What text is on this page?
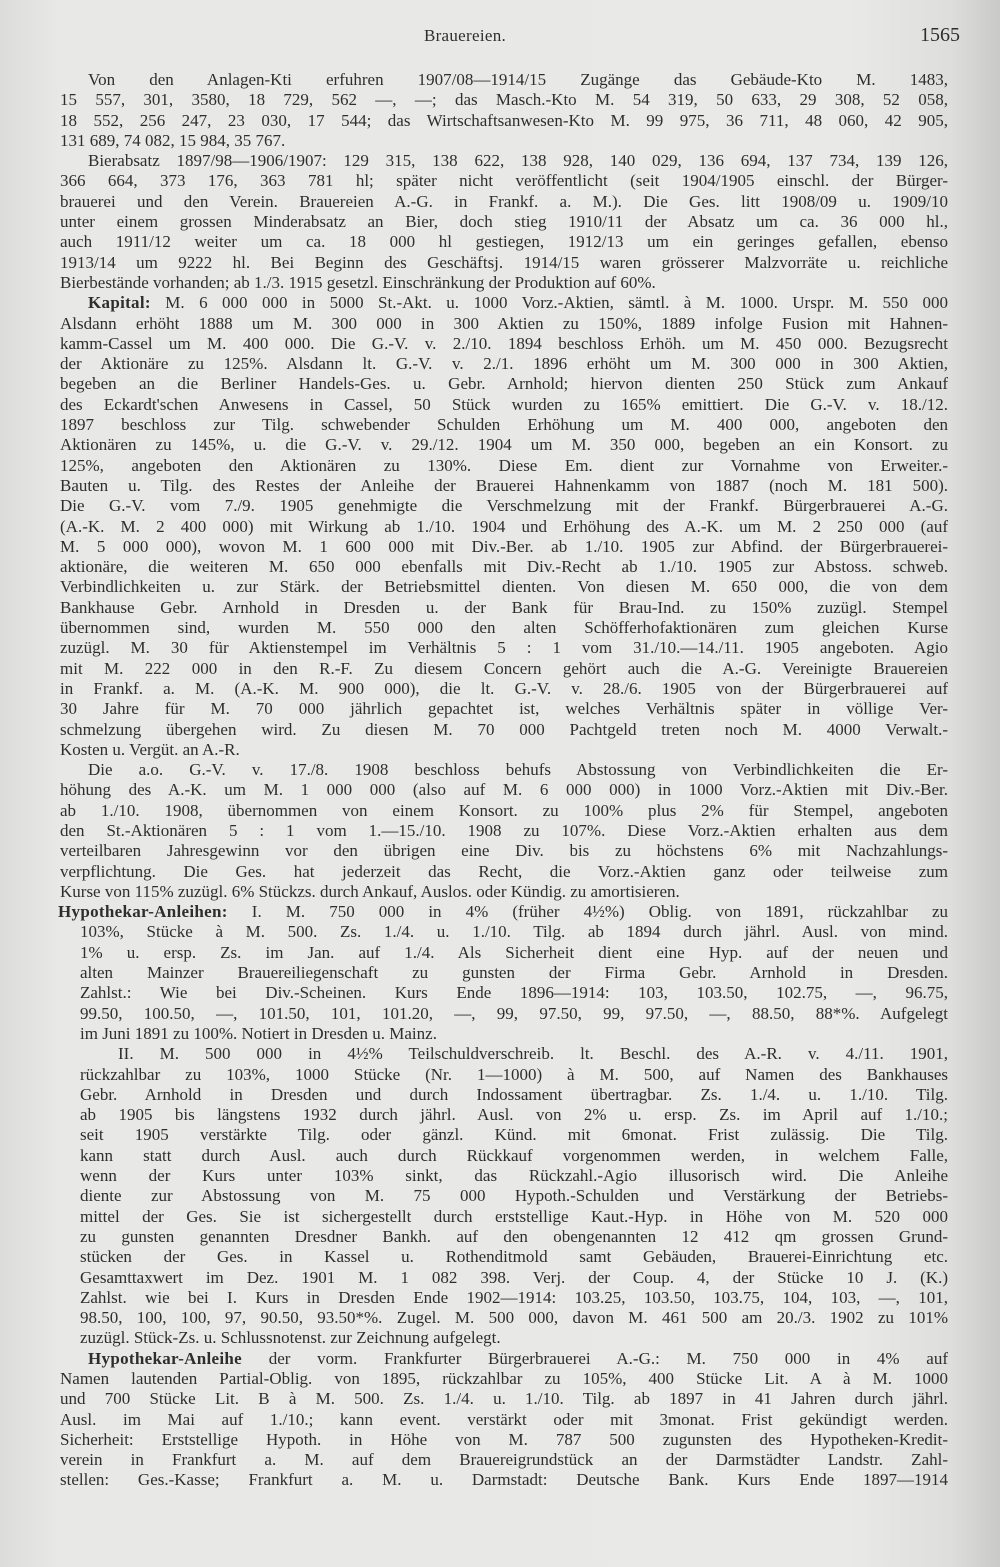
Brauereien.	1565
Von den Anlagen-Kti erfuhren 1907/08—1914/15 Zugänge das Gebäude-Kto M. 1483,
15 557, 301, 3580, 18 729, 562 —, —; das Masch.-Kto M. 54 319, 50 633, 29 308, 52 058,
18 552, 256 247, 23 030, 17 544; das Wirtschaftsanwesen-Kto M. 99 975, 36 711, 48 060, 42 905,
131 689, 74 082, 15 984, 35 767.
Bierabsatz 1897/98—1906/1907: 129 315, 138 622, 138 928, 140 029, 136 694, 137 734, 139 126,
366 664, 373 176, 363 781 hl; später nicht veröffentlicht (seit 1904/1905 einschl. der Bürger-
brauerei und den Verein. Brauereien A.-G. in Frankf. a. M.). Die Ges. litt 1908/09 u. 1909/10
unter einem grossen Minderabsatz an Bier, doch stieg 1910/11 der Absatz um ca. 36 000 hl.,
auch 1911/12 weiter um ca. 18 000 hl gestiegen, 1912/13 um ein geringes gefallen, ebenso
1913/14 um 9222 hl. Bei Beginn des Geschäftsj. 1914/15 waren grösserer Malzvorräte u. reichliche
Bierbestände vorhanden; ab 1./3. 1915 gesetzl. Einschränkung der Produktion auf 60%.
Kapital: M. 6 000 000 in 5000 St.-Akt. u. 1000 Vorz.-Aktien, sämtl. à M. 1000. Urspr. M. 550 000
Alsdann erhöht 1888 um M. 300 000 in 300 Aktien zu 150%, 1889 infolge Fusion mit Hahnen-
kamm-Cassel um M. 400 000. Die G.-V. v. 2./10. 1894 beschloss Erhöh. um M. 450 000. Bezugsrecht
der Aktionäre zu 125%. Alsdann lt. G.-V. v. 2./1. 1896 erhöht um M. 300 000 in 300 Aktien,
begeben an die Berliner Handels-Ges. u. Gebr. Arnhold; hiervon dienten 250 Stück zum Ankauf
des Eckardt'schen Anwesens in Cassel, 50 Stück wurden zu 165% emittiert. Die G.-V. v. 18./12.
1897 beschloss zur Tilg. schwebender Schulden Erhöhung um M. 400 000, angeboten den
Aktionären zu 145%, u. die G.-V. v. 29./12. 1904 um M. 350 000, begeben an ein Konsort. zu
125%, angeboten den Aktionären zu 130%. Diese Em. dient zur Vornahme von Erweiter.-
Bauten u. Tilg. des Restes der Anleihe der Brauerei Hahnenkamm von 1887 (noch M. 181 500).
Die G.-V. vom 7./9. 1905 genehmigte die Verschmelzung mit der Frankf. Bürgerbrauerei A.-G.
(A.-K. M. 2 400 000) mit Wirkung ab 1./10. 1904 und Erhöhung des A.-K. um M. 2 250 000 (auf
M. 5 000 000), wovon M. 1 600 000 mit Div.-Ber. ab 1./10. 1905 zur Abfind. der Bürgerbrauerei-
aktionäre, die weiteren M. 650 000 ebenfalls mit Div.-Recht ab 1./10. 1905 zur Abstoss. schweb.
Verbindlichkeiten u. zur Stärk. der Betriebsmittel dienten. Von diesen M. 650 000, die von dem
Bankhause Gebr. Arnhold in Dresden u. der Bank für Brau-Ind. zu 150% zuzügl. Stempel
übernommen sind, wurden M. 550 000 den alten Schöfferhofaktionären zum gleichen Kurse
zuzügl. M. 30 für Aktienstempel im Verhältnis 5 : 1 vom 31./10.—14./11. 1905 angeboten. Agio
mit M. 222 000 in den R.-F. Zu diesem Concern gehört auch die A.-G. Vereinigte Brauereien
in Frankf. a. M. (A.-K. M. 900 000), die lt. G.-V. v. 28./6. 1905 von der Bürgerbrauerei auf
30 Jahre für M. 70 000 jährlich gepachtet ist, welches Verhältnis später in völlige Ver-
schmelzung übergehen wird. Zu diesen M. 70 000 Pachtgeld treten noch M. 4000 Verwalt.-
Kosten u. Vergüt. an A.-R.
Die a.o. G.-V. v. 17./8. 1908 beschloss behufs Abstossung von Verbindlichkeiten die Er-
höhung des A.-K. um M. 1 000 000 (also auf M. 6 000 000) in 1000 Vorz.-Aktien mit Div.-Ber.
ab 1./10. 1908, übernommen von einem Konsort. zu 100% plus 2% für Stempel, angeboten
den St.-Aktionären 5 : 1 vom 1.—15./10. 1908 zu 107%. Diese Vorz.-Aktien erhalten aus dem
verteilbaren Jahresgewinn vor den übrigen eine Div. bis zu höchstens 6% mit Nachzahlungs-
verpflichtung. Die Ges. hat jederzeit das Recht, die Vorz.-Aktien ganz oder teilweise zum
Kurse von 115% zuzügl. 6% Stückzs. durch Ankauf, Auslos. oder Kündig. zu amortisieren.
Hypothekar-Anleihen: I. M. 750 000 in 4% (früher 4½%) Oblig. von 1891, rückzahlbar zu
103%, Stücke à M. 500. Zs. 1./4. u. 1./10. Tilg. ab 1894 durch jährl. Ausl. von mind.
1% u. ersp. Zs. im Jan. auf 1./4. Als Sicherheit dient eine Hyp. auf der neuen und
alten Mainzer Brauereiliegenschaft zu gunsten der Firma Gebr. Arnhold in Dresden.
Zahlst.: Wie bei Div.-Scheinen. Kurs Ende 1896—1914: 103, 103.50, 102.75, —, 96.75,
99.50, 100.50, —, 101.50, 101, 101.20, —, 99, 97.50, 99, 97.50, —, 88.50, 88*%. Aufgelegt
im Juni 1891 zu 100%. Notiert in Dresden u. Mainz.
II. M. 500 000 in 4½% Teilschuldverschreib. lt. Beschl. des A.-R. v. 4./11. 1901,
rückzahlbar zu 103%, 1000 Stücke (Nr. 1—1000) à M. 500, auf Namen des Bankhauses
Gebr. Arnhold in Dresden und durch Indossament übertragbar. Zs. 1./4. u. 1./10. Tilg.
ab 1905 bis längstens 1932 durch jährl. Ausl. von 2% u. ersp. Zs. im April auf 1./10.;
seit 1905 verstärkte Tilg. oder gänzl. Künd. mit 6monat. Frist zulässig. Die Tilg.
kann statt durch Ausl. auch durch Rückkauf vorgenommen werden, in welchem Falle,
wenn der Kurs unter 103% sinkt, das Rückzahl.-Agio illusorisch wird. Die Anleihe
diente zur Abstossung von M. 75 000 Hypoth.-Schulden und Verstärkung der Betriebs-
mittel der Ges. Sie ist sichergestellt durch erststellige Kaut.-Hyp. in Höhe von M. 520 000
zu gunsten genannten Dresdner Bankh. auf den obengenannten 12 412 qm grossen Grund-
stücken der Ges. in Kassel u. Rothenditmold samt Gebäuden, Brauerei-Einrichtung etc.
Gesamttaxwert im Dez. 1901 M. 1 082 398. Verj. der Coup. 4, der Stücke 10 J. (K.)
Zahlst. wie bei I. Kurs in Dresden Ende 1902—1914: 103.25, 103.50, 103.75, 104, 103, —, 101,
98.50, 100, 100, 97, 90.50, 93.50*%. Zugel. M. 500 000, davon M. 461 500 am 20./3. 1902 zu 101%
zuzügl. Stück-Zs. u. Schlussnotenst. zur Zeichnung aufgelegt.
Hypothekar-Anleihe der vorm. Frankfurter Bürgerbrauerei A.-G.: M. 750 000 in 4% auf
Namen lautenden Partial-Oblig. von 1895, rückzahlbar zu 105%, 400 Stücke Lit. A à M. 1000
und 700 Stücke Lit. B à M. 500. Zs. 1./4. u. 1./10. Tilg. ab 1897 in 41 Jahren durch jährl.
Ausl. im Mai auf 1./10.; kann event. verstärkt oder mit 3monat. Frist gekündigt werden.
Sicherheit: Erststellige Hypoth. in Höhe von M. 787 500 zugunsten des Hypotheken-Kredit-
verein in Frankfurt a. M. auf dem Brauereigrundstück an der Darmstädter Landstr. Zahl-
stellen: Ges.-Kasse; Frankfurt a. M. u. Darmstadt: Deutsche Bank. Kurs Ende 1897—1914
